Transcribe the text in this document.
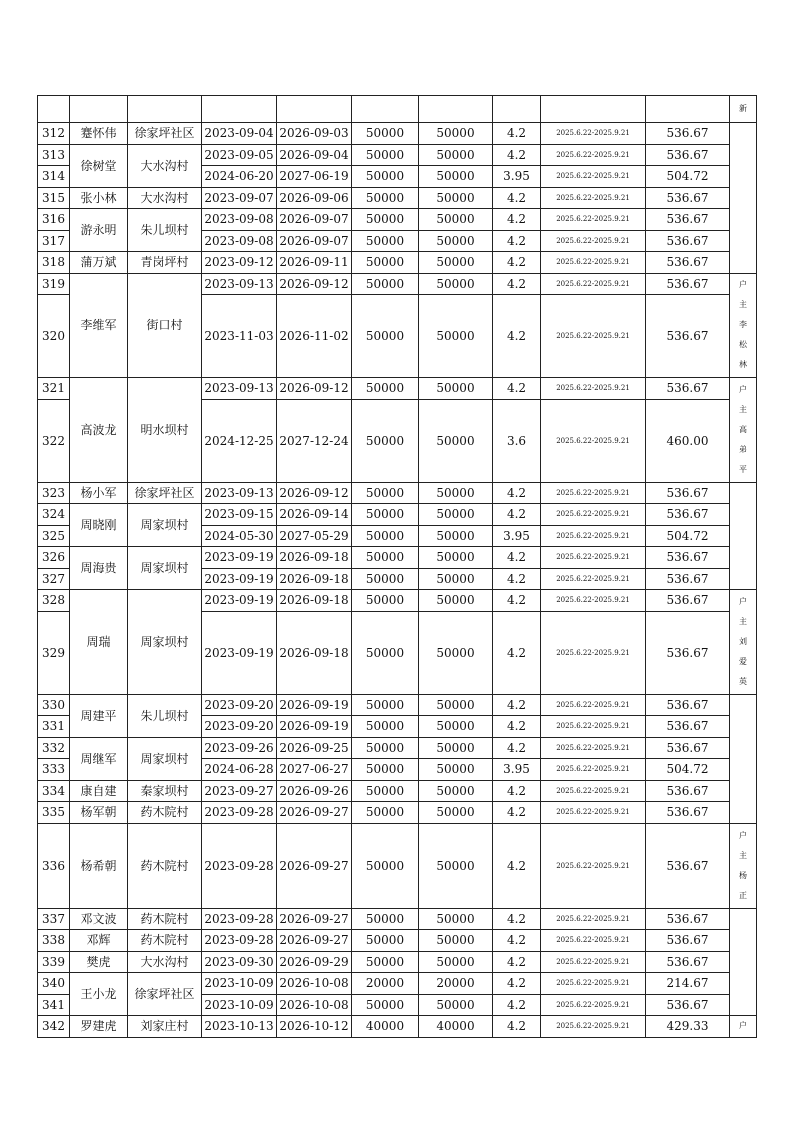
										新
312	蹇怀伟	徐家坪社区	2023-09-04	2026-09-03	50000	50000	4.2	2025.6.22-2025.9.21	536.67	
313	徐树堂	大水沟村	2023-09-05	2026-09-04	50000	50000	4.2	2025.6.22-2025.9.21	536.67	
314			2024-06-20	2027-06-19	50000	50000	3.95	2025.6.22-2025.9.21	504.72	
315	张小林	大水沟村	2023-09-07	2026-09-06	50000	50000	4.2	2025.6.22-2025.9.21	536.67	
316	游永明	朱儿坝村	2023-09-08	2026-09-07	50000	50000	4.2	2025.6.22-2025.9.21	536.67	
317			2023-09-08	2026-09-07	50000	50000	4.2	2025.6.22-2025.9.21	536.67	
318	蒲万斌	青岗坪村	2023-09-12	2026-09-11	50000	50000	4.2	2025.6.22-2025.9.21	536.67	
319	李维军	街口村	2023-09-13	2026-09-12	50000	50000	4.2	2025.6.22-2025.9.21	536.67	户主李松林

320			2023-11-03	2026-11-02	50000	50000	4.2	2025.6.22-2025.9.21	536.67	
321	高波龙	明水坝村	2023-09-13	2026-09-12	50000	50000	4.2	2025.6.22-2025.9.21	536.67	户主高弟平

322			2024-12-25	2027-12-24	50000	50000	3.6	2025.6.22-2025.9.21	460.00	
323	杨小军	徐家坪社区	2023-09-13	2026-09-12	50000	50000	4.2	2025.6.22-2025.9.21	536.67	
324	周晓刚	周家坝村	2023-09-15	2026-09-14	50000	50000	4.2	2025.6.22-2025.9.21	536.67	
325			2024-05-30	2027-05-29	50000	50000	3.95	2025.6.22-2025.9.21	504.72	
326	周海贵	周家坝村	2023-09-19	2026-09-18	50000	50000	4.2	2025.6.22-2025.9.21	536.67	
327			2023-09-19	2026-09-18	50000	50000	4.2	2025.6.22-2025.9.21	536.67	
328	周瑞	周家坝村	2023-09-19	2026-09-18	50000	50000	4.2	2025.6.22-2025.9.21	536.67	户主刘爱英

329			2023-09-19	2026-09-18	50000	50000	4.2	2025.6.22-2025.9.21	536.67	
330	周建平	朱儿坝村	2023-09-20	2026-09-19	50000	50000	4.2	2025.6.22-2025.9.21	536.67	
331			2023-09-20	2026-09-19	50000	50000	4.2	2025.6.22-2025.9.21	536.67	
332	周继军	周家坝村	2023-09-26	2026-09-25	50000	50000	4.2	2025.6.22-2025.9.21	536.67	
333			2024-06-28	2027-06-27	50000	50000	3.95	2025.6.22-2025.9.21	504.72	
334	康自建	秦家坝村	2023-09-27	2026-09-26	50000	50000	4.2	2025.6.22-2025.9.21	536.67	
335	杨军朝	药木院村	2023-09-28	2026-09-27	50000	50000	4.2	2025.6.22-2025.9.21	536.67	
336	杨希朝	药木院村	2023-09-28	2026-09-27	50000	50000	4.2	2025.6.22-2025.9.21	536.67	户主杨正

337	邓文波	药木院村	2023-09-28	2026-09-27	50000	50000	4.2	2025.6.22-2025.9.21	536.67	
338	邓辉	药木院村	2023-09-28	2026-09-27	50000	50000	4.2	2025.6.22-2025.9.21	536.67	
339	樊虎	大水沟村	2023-09-30	2026-09-29	50000	50000	4.2	2025.6.22-2025.9.21	536.67	
340	王小龙	徐家坪社区	2023-10-09	2026-10-08	20000	20000	4.2	2025.6.22-2025.9.21	214.67	
341			2023-10-09	2026-10-08	50000	50000	4.2	2025.6.22-2025.9.21	536.67	
342	罗建虎	刘家庄村	2023-10-13	2026-10-12	40000	40000	4.2	2025.6.22-2025.9.21	429.33	户
